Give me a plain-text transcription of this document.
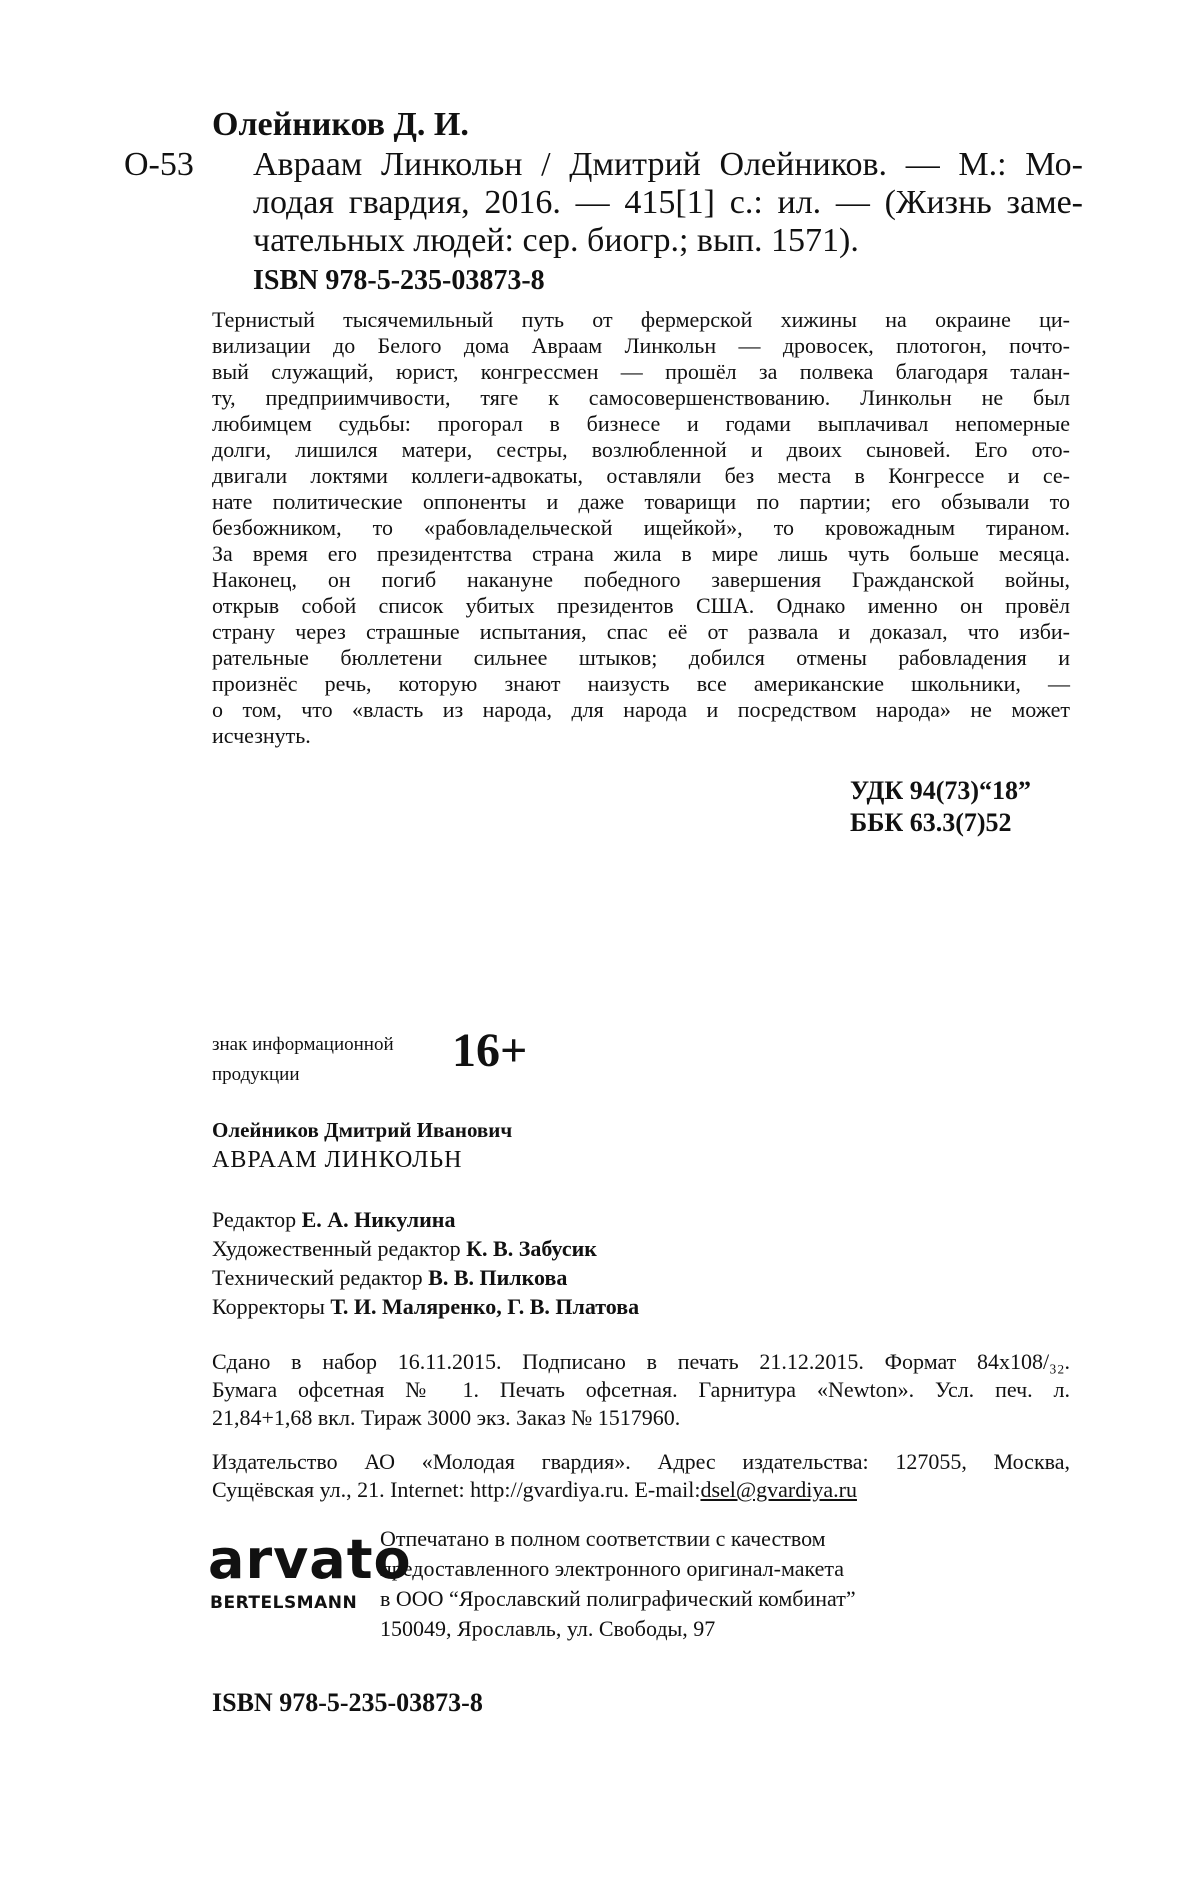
Олейников Д. И.
О-53 Авраам Линкольн / Дмитрий Олейников. — М.: Мо-
лодая гвардия, 2016. — 415[1] с.: ил. — (Жизнь заме-
чательных людей: сер. биогр.; вып. 1571).
ISBN 978-5-235-03873-8
Тернистый тысячемильный путь от фермерской хижины на окраине ци-
вилизации до Белого дома Авраам Линкольн — дровосек, плотогон, почто-
вый служащий, юрист, конгрессмен — прошёл за полвека благодаря талан-
ту, предприимчивости, тяге к самосовершенствованию. Линкольн не был
любимцем судьбы: прогорал в бизнесе и годами выплачивал непомерные
долги, лишился матери, сестры, возлюбленной и двоих сыновей. Его ото-
двигали локтями коллеги-адвокаты, оставляли без места в Конгрессе и се-
нате политические оппоненты и даже товарищи по партии; его обзывали то
безбожником, то «рабовладельческой ищейкой», то кровожадным тираном.
За время его президентства страна жила в мире лишь чуть больше месяца.
Наконец, он погиб накануне победного завершения Гражданской войны,
открыв собой список убитых президентов США. Однако именно он провёл
страну через страшные испытания, спас её от развала и доказал, что изби-
рательные бюллетени сильнее штыков; добился отмены рабовладения и
произнёс речь, которую знают наизусть все американские школьники, —
о том, что «власть из народа, для народа и посредством народа» не может
исчезнуть.
УДК 94(73)“18”
ББК 63.3(7)52
знак информационной
продукции	16+
Олейников Дмитрий Иванович
АВРААМ ЛИНКОЛЬН
Редактор Е. А. Никулина
Художественный редактор К. В. Забусик
Технический редактор В. В. Пилкова
Корректоры Т. И. Маляренко, Г. В. Платова
Сдано в набор 16.11.2015. Подписано в печать 21.12.2015. Формат 84x108/₃₂.
Бумага офсетная № 1. Печать офсетная. Гарнитура «Newton». Усл. печ. л.
21,84+1,68 вкл. Тираж 3000 экз. Заказ № 1517960.
Издательство АО «Молодая гвардия». Адрес издательства: 127055, Москва,
Сущёвская ул., 21. Internet: http://gvardiya.ru. E-mail:dsel@gvardiya.ru
arvato
BERTELSMANN
Отпечатано в полном соответствии с качеством
предоставленного электронного оригинал-макета
в ООО “Ярославский полиграфический комбинат”
150049, Ярославль, ул. Свободы, 97
ISBN 978-5-235-03873-8
